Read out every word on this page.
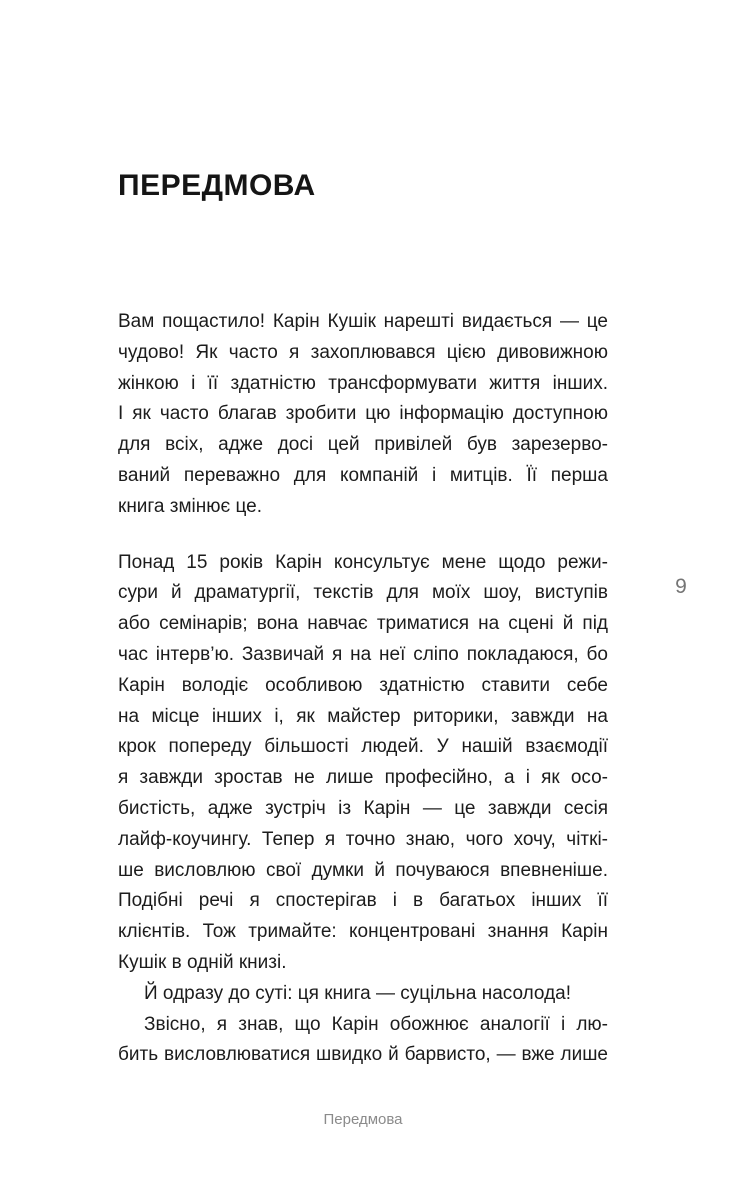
ПЕРЕДМОВА
Вам пощастило! Карін Кушік нарешті видається — це
чудово! Як часто я захоплювався цією дивовижною
жінкою і її здатністю трансформувати життя інших.
І як часто благав зробити цю інформацію доступною
для всіх, адже досі цей привілей був зарезерво-
ваний переважно для компаній і митців. Її перша
книга змінює це.
Понад 15 років Карін консультує мене щодо режи-
сури й драматургії, текстів для моїх шоу, виступів
або семінарів; вона навчає триматися на сцені й під
час інтерв’ю. Зазвичай я на неї сліпо покладаюся, бо
Карін володіє особливою здатністю ставити себе
на місце інших і, як майстер риторики, завжди на
крок попереду більшості людей. У нашій взаємодії
я завжди зростав не лише професійно, а і як осо-
бистість, адже зустріч із Карін — це завжди сесія
лайф-коучингу. Тепер я точно знаю, чого хочу, чіткі-
ше висловлюю свої думки й почуваюся впевненіше.
Подібні речі я спостерігав і в багатьох інших її
клієнтів. Тож тримайте: концентровані знання Карін
Кушік в одній книзі.
Й одразу до суті: ця книга — суцільна насолода!
Звісно, я знав, що Карін обожнює аналогії і лю-
бить висловлюватися швидко й барвисто, — вже лише
9
Передмова
